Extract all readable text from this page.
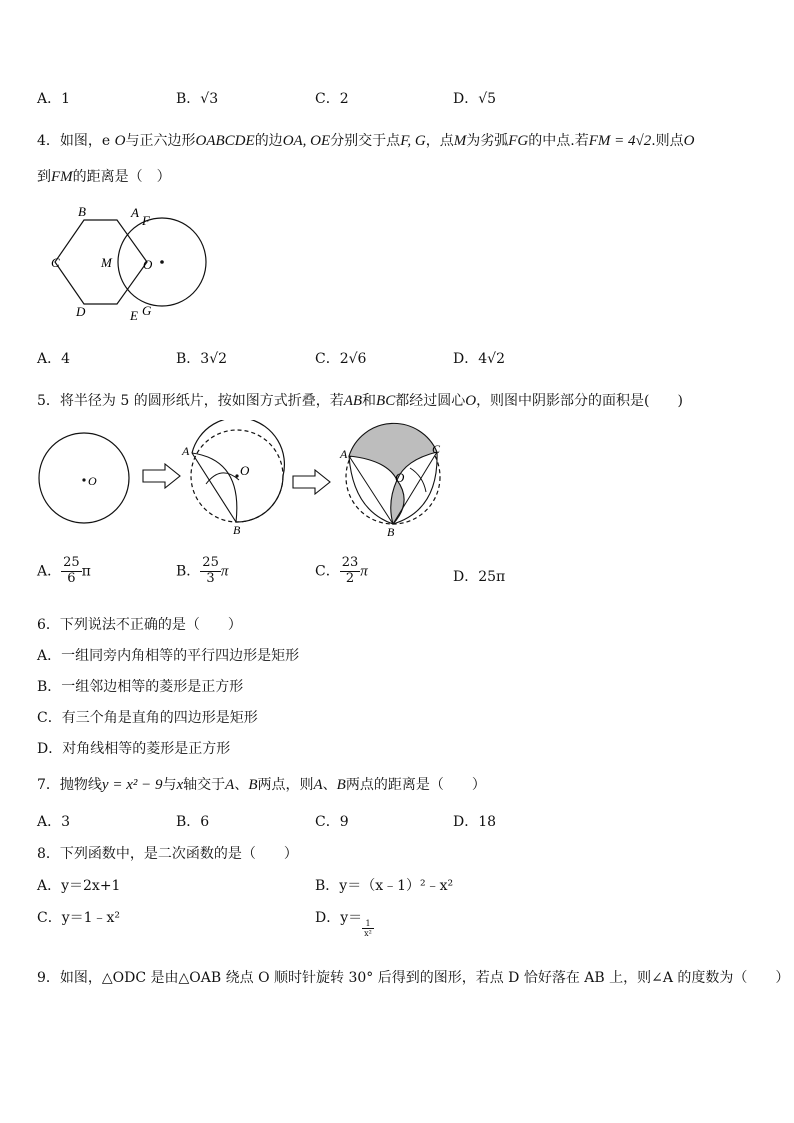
A．1	B．√3	C．2	D．√5
4．如图，e O与正六边形OABCDE的边OA, OE分别交于点F, G，点M为劣弧FG的中点.若FM = 4√2.则点O
到FM的距离是（　）
B	A
F
C	M O
D	E G
A．4	B．3√2	C．2√6	D．4√2
5．将半径为 5 的圆形纸片，按如图方式折叠，若AB和BC都经过圆心O，则图中阴影部分的面积是(　　)
O
A
O
B
A	C
O
B
A． $\frac{25}{6}$ π	B． $\frac{25}{3}$ π	C． $\frac{23}{2}$ π	D．25π
6．下列说法不正确的是（　　）
A．一组同旁内角相等的平行四边形是矩形
B．一组邻边相等的菱形是正方形
C．有三个角是直角的四边形是矩形
D．对角线相等的菱形是正方形
7．抛物线y = x² − 9与x轴交于A、B两点，则A、B两点的距离是（　　）
A．3	B．6	C．9	D．18
8．下列函数中，是二次函数的是（　　）
A．y＝2x+1	B．y＝（x﹣1）²﹣x²
C．y＝1﹣x²	D．y＝
$\frac{1}{\text{x²}}$
9．如图，△ODC 是由△OAB 绕点 O 顺时针旋转 30° 后得到的图形，若点 D 恰好落在 AB 上，则∠A 的度数为（　　）
